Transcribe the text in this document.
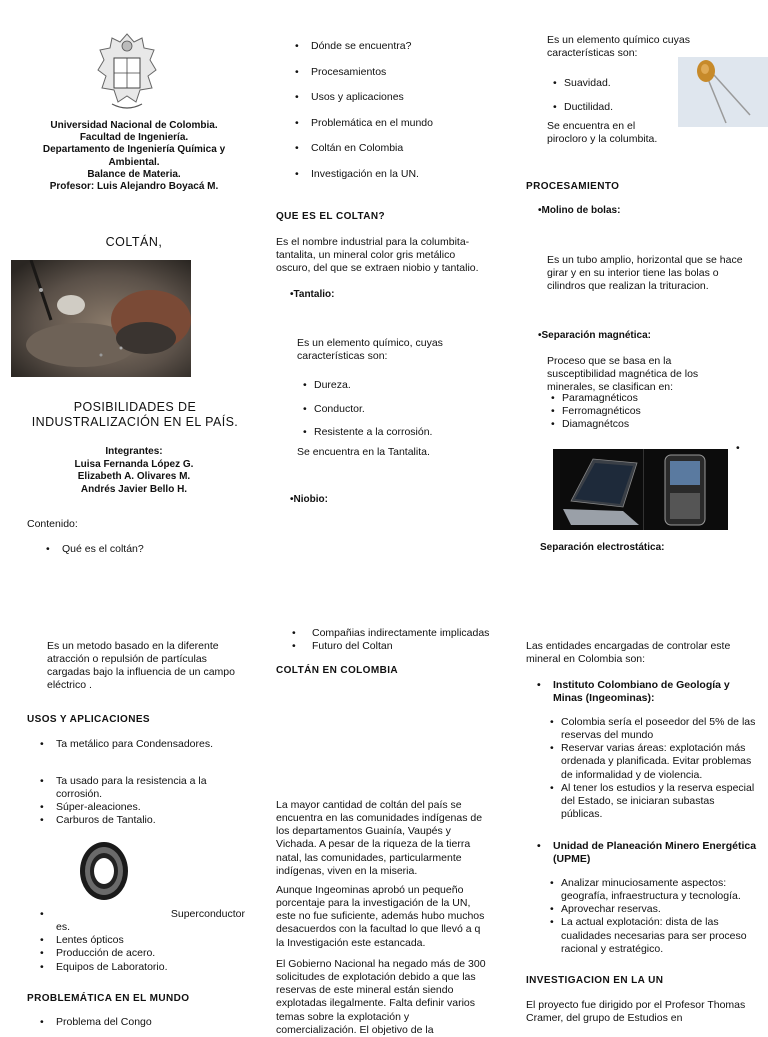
Universidad Nacional de Colombia.
Facultad de Ingeniería.
Departamento de Ingeniería Química y Ambiental.
Balance de Materia.
Profesor: Luis Alejandro Boyacá M.
COLTÁN,
POSIBILIDADES DE INDUSTRALIZACIÓN EN EL PAÍS.
Integrantes:
Luisa Fernanda López G.
Elizabeth A. Olivares M.
Andrés Javier Bello H.
Contenido:
• Qué es el coltán?
Es un metodo basado en la diferente atracción o repulsión de partículas cargadas bajo la influencia de un campo eléctrico .
USOS Y APLICACIONES
• Ta metálico para Condensadores.
• Ta usado para la resistencia a la corrosión.
• Súper-aleaciones.
• Carburos de Tantalio.
• Superconductor
es.
• Lentes ópticos
• Producción de acero.
• Equipos de Laboratorio.
PROBLEMÁTICA EN EL MUNDO
• Problema del Congo
• Dónde se encuentra?
• Procesamientos
• Usos y aplicaciones
• Problemática en el mundo
• Coltán en Colombia
• Investigación en la UN.
QUE ES EL COLTAN?
Es el nombre industrial para la columbita-tantalita, un mineral color gris metálico oscuro, del que se extraen niobio y tantalio.
•Tantalio:
Es un elemento químico, cuyas características son:
• Dureza.
• Conductor.
• Resistente a la corrosión.
Se encuentra en la Tantalita.
•Niobio:
• Compañias indirectamente implicadas
• Futuro del Coltan
COLTÁN EN COLOMBIA
La mayor cantidad de coltán del país se encuentra en las comunidades indígenas de los departamentos Guainía, Vaupés y Vichada. A pesar de la riqueza de la tierra natal, las comunidades, particularmente indígenas, viven en la miseria.
Aunque Ingeominas aprobó un pequeño porcentaje para la investigación de la UN, este no fue suficiente, además hubo muchos desacuerdos con la facultad lo que llevó a q la Investigación este estancada.
El Gobierno Nacional ha negado más de 300 solicitudes de explotación debido a que las reservas de este mineral están siendo explotadas ilegalmente. Falta definir varios temas sobre la explotación y comercialización. El objetivo de la
Es un elemento químico cuyas características son:
• Suavidad.
• Ductilidad.
Se encuentra en el pirocloro y la columbita.
PROCESAMIENTO
•Molino de bolas:
Es un tubo amplio, horizontal que se hace girar y en su interior tiene las bolas o cilindros que realizan la trituracion.
•Separación magnética:
Proceso que se basa en la susceptibilidad magnética de los minerales, se clasifican en:
• Paramagnéticos
• Ferromagnéticos
• Diamagnétcos
•
Separación electrostática:
Las entidades encargadas de controlar este mineral en Colombia son:
• Instituto Colombiano de Geología y Minas (Ingeominas):
• Colombia sería el poseedor del 5% de las reservas del mundo
• Reservar varias áreas: explotación más ordenada y planificada. Evitar problemas de informalidad y de violencia.
• Al tener los estudios y la reserva especial del Estado, se iniciaran subastas públicas.
• Unidad de Planeación Minero Energética (UPME)
• Analizar minuciosamente aspectos: geografía, infraestructura y tecnología.
• Aprovechar reservas.
• La actual explotación: dista de las cualidades necesarias para ser proceso racional y estratégico.
INVESTIGACION EN LA UN
El proyecto fue dirigido por el Profesor Thomas Cramer, del grupo de Estudios en
